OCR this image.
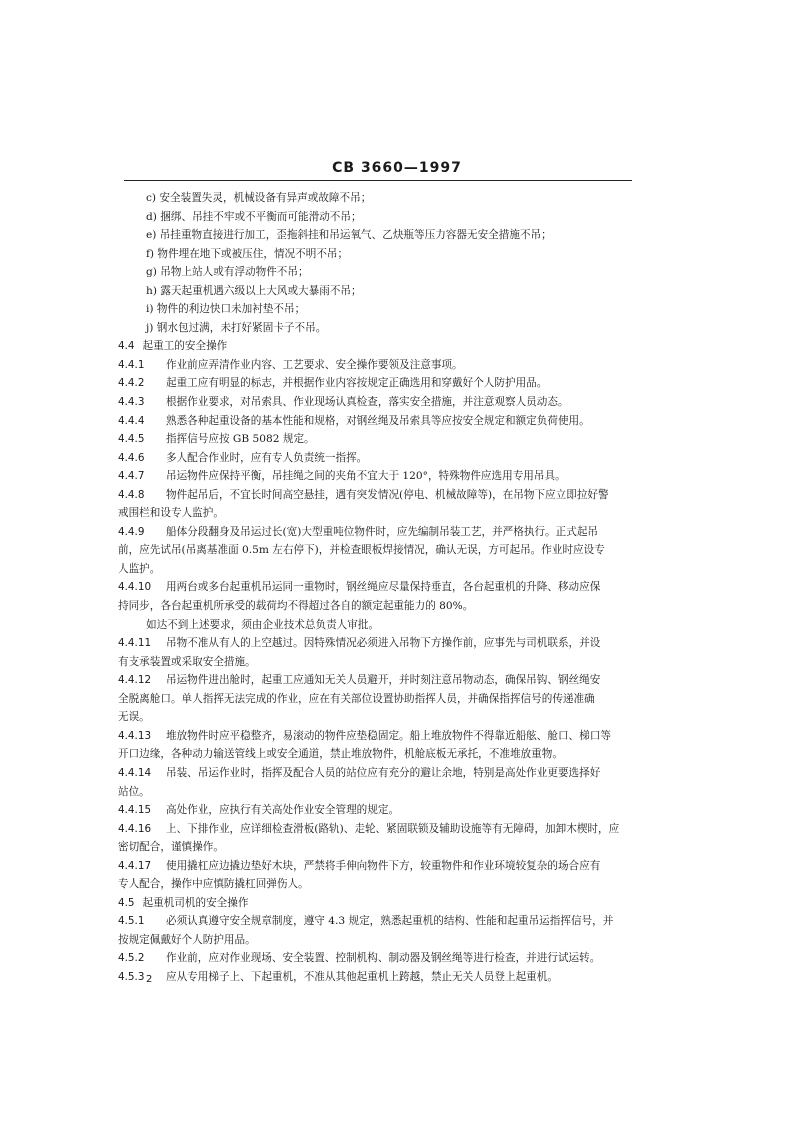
CB 3660—1997
c) 安全装置失灵，机械设备有异声或故障不吊；
d) 捆绑、吊挂不牢或不平衡而可能滑动不吊；
e) 吊挂重物直接进行加工，歪拖斜挂和吊运氧气、乙炔瓶等压力容器无安全措施不吊；
f) 物件埋在地下或被压住，情况不明不吊；
g) 吊物上站人或有浮动物件不吊；
h) 露天起重机遇六级以上大风或大暴雨不吊；
i) 物件的利边快口未加衬垫不吊；
j) 钢水包过满，未打好紧固卡子不吊。
4.4 起重工的安全操作
4.4.1 作业前应弄清作业内容、工艺要求、安全操作要领及注意事项。
4.4.2 起重工应有明显的标志，并根据作业内容按规定正确选用和穿戴好个人防护用品。
4.4.3 根据作业要求，对吊索具、作业现场认真检查，落实安全措施，并注意观察人员动态。
4.4.4 熟悉各种起重设备的基本性能和规格，对钢丝绳及吊索具等应按安全规定和额定负荷使用。
4.4.5 指挥信号应按 GB 5082 规定。
4.4.6 多人配合作业时，应有专人负责统一指挥。
4.4.7 吊运物件应保持平衡，吊挂绳之间的夹角不宜大于 120°，特殊物件应选用专用吊具。
4.4.8 物件起吊后，不宜长时间高空悬挂，遇有突发情况(停电、机械故障等)，在吊物下应立即拉好警
戒围栏和设专人监护。
4.4.9 船体分段翻身及吊运过长(宽)大型重吨位物件时，应先编制吊装工艺，并严格执行。正式起吊
前，应先试吊(吊离基准面 0.5m 左右停下)，并检查眼板焊接情况，确认无误，方可起吊。作业时应设专
人监护。
4.4.10 用两台或多台起重机吊运同一重物时，钢丝绳应尽量保持垂直，各台起重机的升降、移动应保
持同步，各台起重机所承受的载荷均不得超过各自的额定起重能力的 80%。
如达不到上述要求，须由企业技术总负责人审批。
4.4.11 吊物不准从有人的上空越过。因特殊情况必须进入吊物下方操作前，应事先与司机联系，并设
有支承装置或采取安全措施。
4.4.12 吊运物件进出舱时，起重工应通知无关人员避开，并时刻注意吊物动态，确保吊钩、钢丝绳安
全脱离舱口。单人指挥无法完成的作业，应在有关部位设置协助指挥人员，并确保指挥信号的传递准确
无误。
4.4.13 堆放物件时应平稳整齐，易滚动的物件应垫稳固定。船上堆放物件不得靠近船舷、舱口、梯口等
开口边缘，各种动力输送管线上或安全通道，禁止堆放物件，机舱底板无承托，不准堆放重物。
4.4.14 吊装、吊运作业时，指挥及配合人员的站位应有充分的避让余地，特别是高处作业更要选择好
站位。
4.4.15 高处作业，应执行有关高处作业安全管理的规定。
4.4.16 上、下排作业，应详细检查滑板(路轨)、走轮、紧固联锁及辅助设施等有无障碍，加卸木楔时，应
密切配合，谨慎操作。
4.4.17 使用撬杠应边撬边垫好木块，严禁将手伸向物件下方，较重物件和作业环境较复杂的场合应有
专人配合，操作中应慎防撬杠回弹伤人。
4.5 起重机司机的安全操作
4.5.1 必须认真遵守安全规章制度，遵守 4.3 规定，熟悉起重机的结构、性能和起重吊运指挥信号，并
按规定佩戴好个人防护用品。
4.5.2 作业前，应对作业现场、安全装置、控制机构、制动器及钢丝绳等进行检查，并进行试运转。
4.5.3 应从专用梯子上、下起重机，不准从其他起重机上跨越，禁止无关人员登上起重机。
2
